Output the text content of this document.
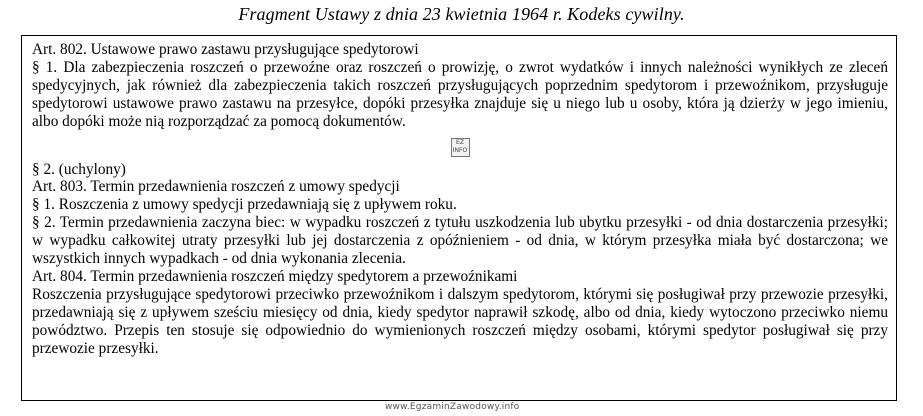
Fragment Ustawy z dnia 23 kwietnia 1964 r. Kodeks cywilny.

Art. 802. Ustawowe prawo zastawu przysługujące spedytorowi

§ 1. Dla zabezpieczenia roszczeń o przewoźne oraz roszczeń o prowizję, o zwrot wydatków i innych należności wynikłych ze zleceń spedycyjnych, jak również dla zabezpieczenia takich roszczeń przysługujących poprzednim spedytorom i przewoźnikom, przysługuje spedytorowi ustawowe prawo zastawu na przesyłce, dopóki przesyłka znajduje się u niego lub u osoby, która ją dzierży w jego imieniu, albo dopóki może nią rozporządzać za pomocą dokumentów.

EZ INFO

§ 2. (uchylony)

Art. 803. Termin przedawnienia roszczeń z umowy spedycji

§ 1. Roszczenia z umowy spedycji przedawniają się z upływem roku.

§ 2. Termin przedawnienia zaczyna biec: w wypadku roszczeń z tytułu uszkodzenia lub ubytku przesyłki - od dnia dostarczenia przesyłki; w wypadku całkowitej utraty przesyłki lub jej dostarczenia z opóźnieniem - od dnia, w którym przesyłka miała być dostarczona; we wszystkich innych wypadkach - od dnia wykonania zlecenia.

Art. 804. Termin przedawnienia roszczeń między spedytorem a przewoźnikami

Roszczenia przysługujące spedytorowi przeciwko przewoźnikom i dalszym spedytorom, którymi się posługiwał przy przewozie przesyłki, przedawniają się z upływem sześciu miesięcy od dnia, kiedy spedytor naprawił szkodę, albo od dnia, kiedy wytoczono przeciwko niemu powództwo. Przepis ten stosuje się odpowiednio do wymienionych roszczeń między osobami, którymi spedytor posługiwał się przy przewozie przesyłki.

www.EgzaminZawodowy.info
